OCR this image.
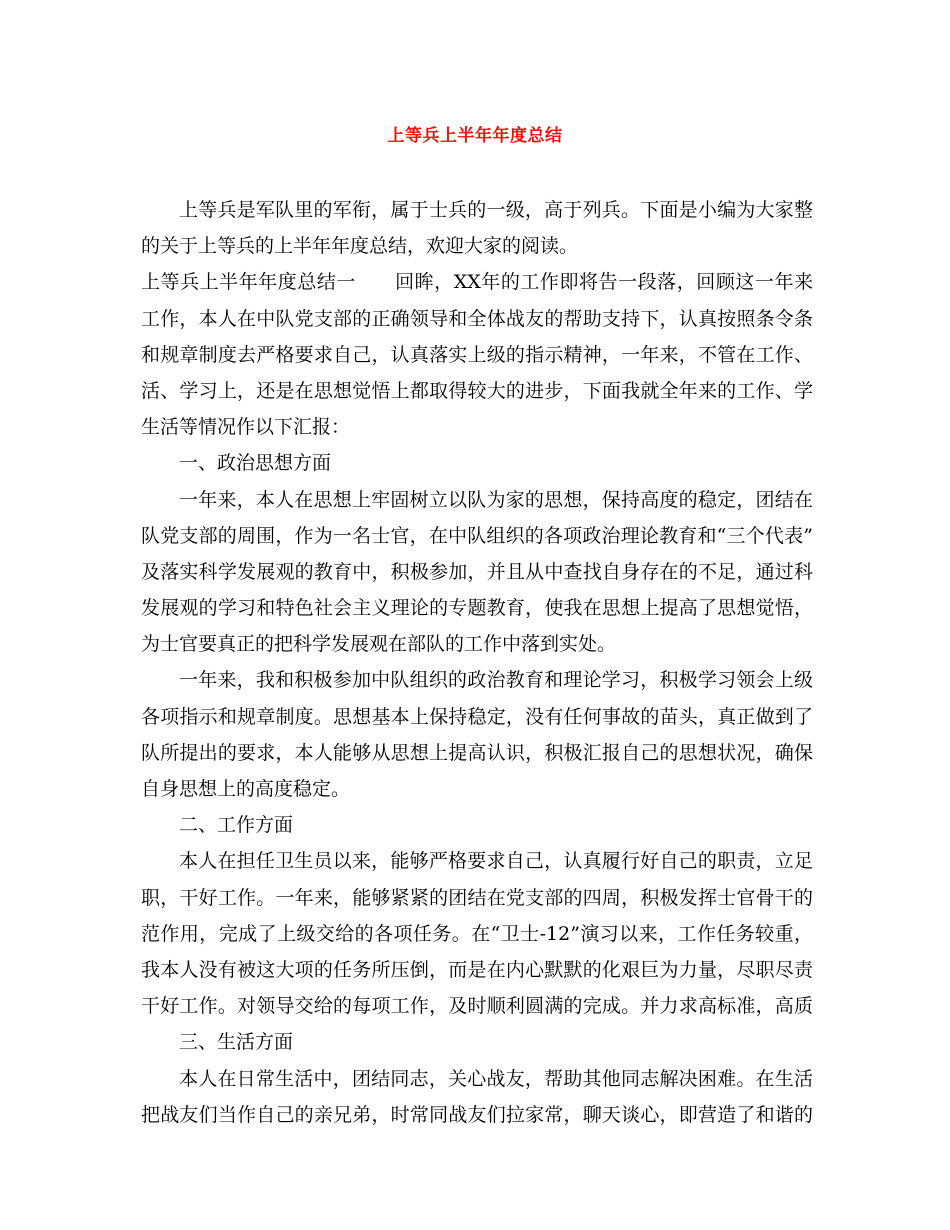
上等兵上半年年度总结
上等兵是军队里的军衔，属于士兵的一级，高于列兵。下面是小编为大家整
的关于上等兵的上半年年度总结，欢迎大家的阅读。
上等兵上半年年度总结一　　回眸，XX年的工作即将告一段落，回顾这一年来
工作，本人在中队党支部的正确领导和全体战友的帮助支持下，认真按照条令条
和规章制度去严格要求自己，认真落实上级的指示精神，一年来，不管在工作、
活、学习上，还是在思想觉悟上都取得较大的进步，下面我就全年来的工作、学
生活等情况作以下汇报：
一、政治思想方面
一年来，本人在思想上牢固树立以队为家的思想，保持高度的稳定，团结在
队党支部的周围，作为一名士官，在中队组织的各项政治理论教育和“三个代表”
及落实科学发展观的教育中，积极参加，并且从中查找自身存在的不足，通过科
发展观的学习和特色社会主义理论的专题教育，使我在思想上提高了思想觉悟，
为士官要真正的把科学发展观在部队的工作中落到实处。
一年来，我和积极参加中队组织的政治教育和理论学习，积极学习领会上级
各项指示和规章制度。思想基本上保持稳定，没有任何事故的苗头，真正做到了
队所提出的要求，本人能够从思想上提高认识，积极汇报自己的思想状况，确保
自身思想上的高度稳定。
二、工作方面
本人在担任卫生员以来，能够严格要求自己，认真履行好自己的职责，立足
职，干好工作。一年来，能够紧紧的团结在党支部的四周，积极发挥士官骨干的
范作用，完成了上级交给的各项任务。在“卫士-12”演习以来，工作任务较重，
我本人没有被这大项的任务所压倒，而是在内心默默的化艰巨为力量，尽职尽责
干好工作。对领导交给的每项工作，及时顺利圆满的完成。并力求高标准，高质
三、生活方面
本人在日常生活中，团结同志，关心战友，帮助其他同志解决困难。在生活
把战友们当作自己的亲兄弟，时常同战友们拉家常，聊天谈心，即营造了和谐的
